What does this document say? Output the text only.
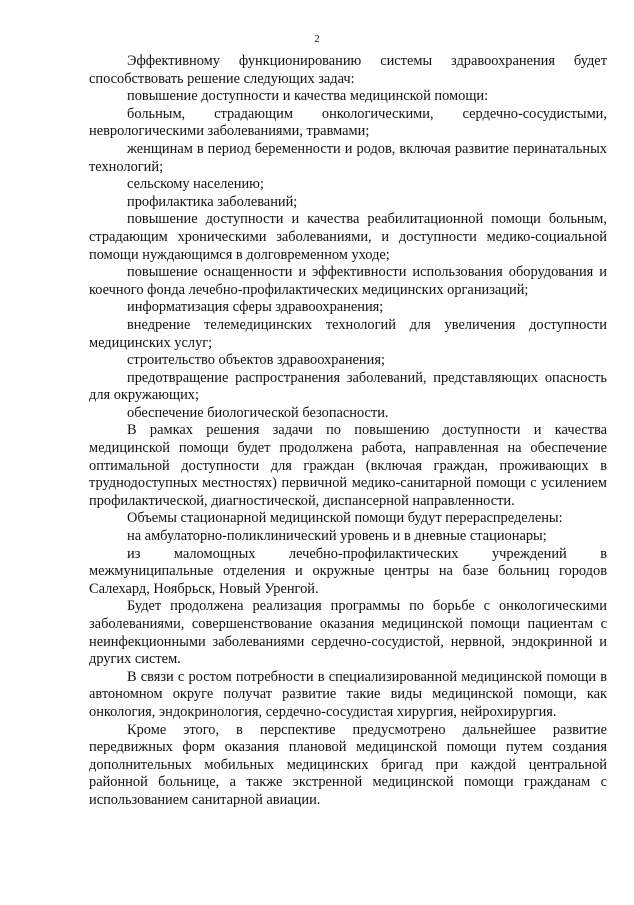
2

Эффективному функционированию системы здравоохранения будет способствовать решение следующих задач:

повышение доступности и качества медицинской помощи:

больным, страдающим онкологическими, сердечно-сосудистыми, неврологическими заболеваниями, травмами;

женщинам в период беременности и родов, включая развитие перинатальных технологий;

сельскому населению;

профилактика заболеваний;

повышение доступности и качества реабилитационной помощи больным, страдающим хроническими заболеваниями, и доступности медико-социальной помощи нуждающимся в долговременном уходе;

повышение оснащенности и эффективности использования оборудования и коечного фонда лечебно-профилактических медицинских организаций;

информатизация сферы здравоохранения;

внедрение телемедицинских технологий для увеличения доступности медицинских услуг;

строительство объектов здравоохранения;

предотвращение распространения заболеваний, представляющих опасность для окружающих;

обеспечение биологической безопасности.

В рамках решения задачи по повышению доступности и качества медицинской помощи будет продолжена работа, направленная на обеспечение оптимальной доступности для граждан (включая граждан, проживающих в труднодоступных местностях) первичной медико-санитарной помощи с усилением профилактической, диагностической, диспансерной направленности.

Объемы стационарной медицинской помощи будут перераспределены:

на амбулаторно-поликлинический уровень и в дневные стационары;

из маломощных лечебно-профилактических учреждений в межмуниципальные отделения и окружные центры на базе больниц городов Салехард, Ноябрьск, Новый Уренгой.

Будет продолжена реализация программы по борьбе с онкологическими заболеваниями, совершенствование оказания медицинской помощи пациентам с неинфекционными заболеваниями сердечно-сосудистой, нервной, эндокринной и других систем.

В связи с ростом потребности в специализированной медицинской помощи в автономном округе получат развитие такие виды медицинской помощи, как онкология, эндокринология, сердечно-сосудистая хирургия, нейрохирургия.

Кроме этого, в перспективе предусмотрено дальнейшее развитие передвижных форм оказания плановой медицинской помощи путем создания дополнительных мобильных медицинских бригад при каждой центральной районной больнице, а также экстренной медицинской помощи гражданам с использованием санитарной авиации.
